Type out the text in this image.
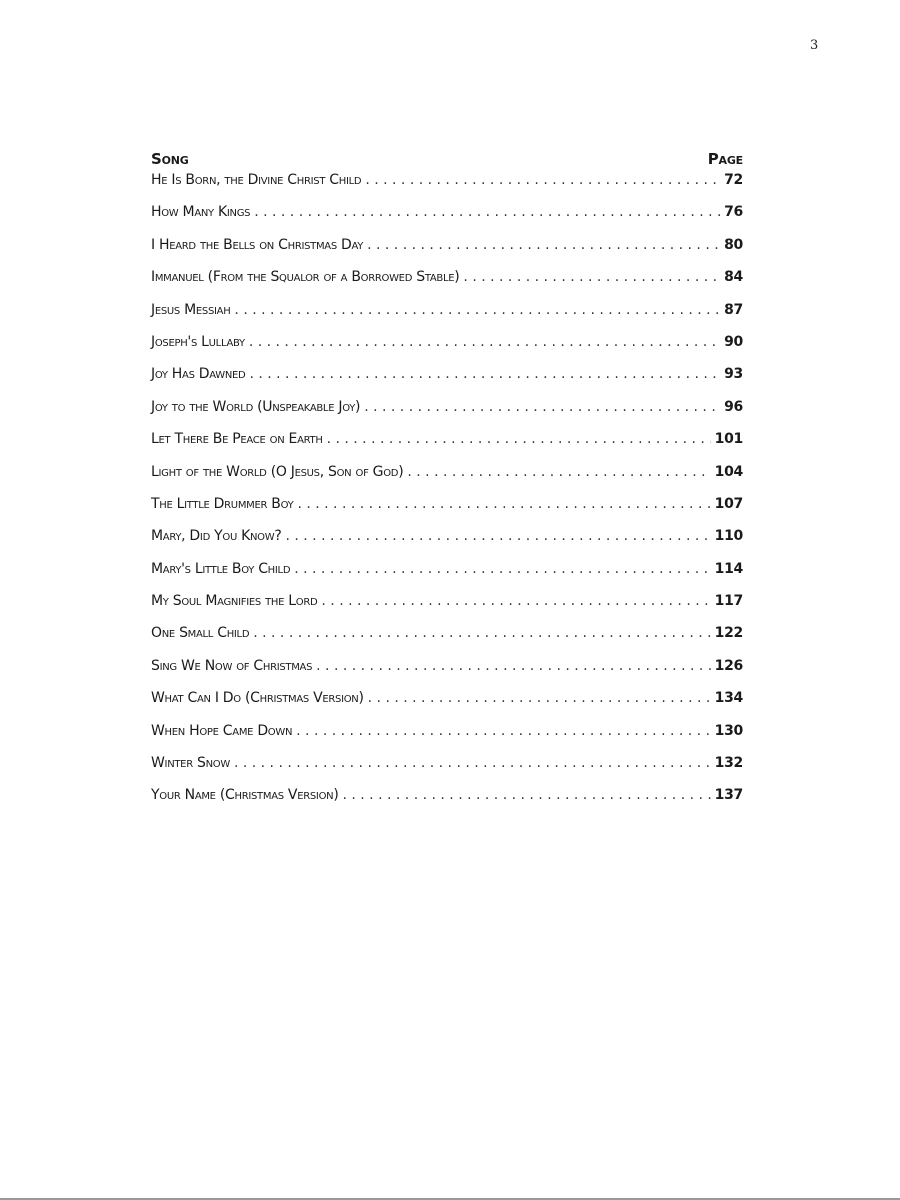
3
Song	Page
He Is Born, the Divine Christ Child . . .	72
How Many Kings . . .	76
I Heard the Bells on Christmas Day . . .	80
Immanuel (From the Squalor of a Borrowed Stable) . . .	84
Jesus Messiah . . .	87
Joseph's Lullaby . . .	90
Joy Has Dawned . . .	93
Joy to the World (Unspeakable Joy) . . .	96
Let There Be Peace on Earth . . .	101
Light of the World (O Jesus, Son of God) . . .	104
The Little Drummer Boy . . .	107
Mary, Did You Know? . . .	110
Mary's Little Boy Child . . .	114
My Soul Magnifies the Lord . . .	117
One Small Child . . .	122
Sing We Now of Christmas . . .	126
What Can I Do (Christmas Version) . . .	134
When Hope Came Down . . .	130
Winter Snow . . .	132
Your Name (Christmas Version) . . .	137
